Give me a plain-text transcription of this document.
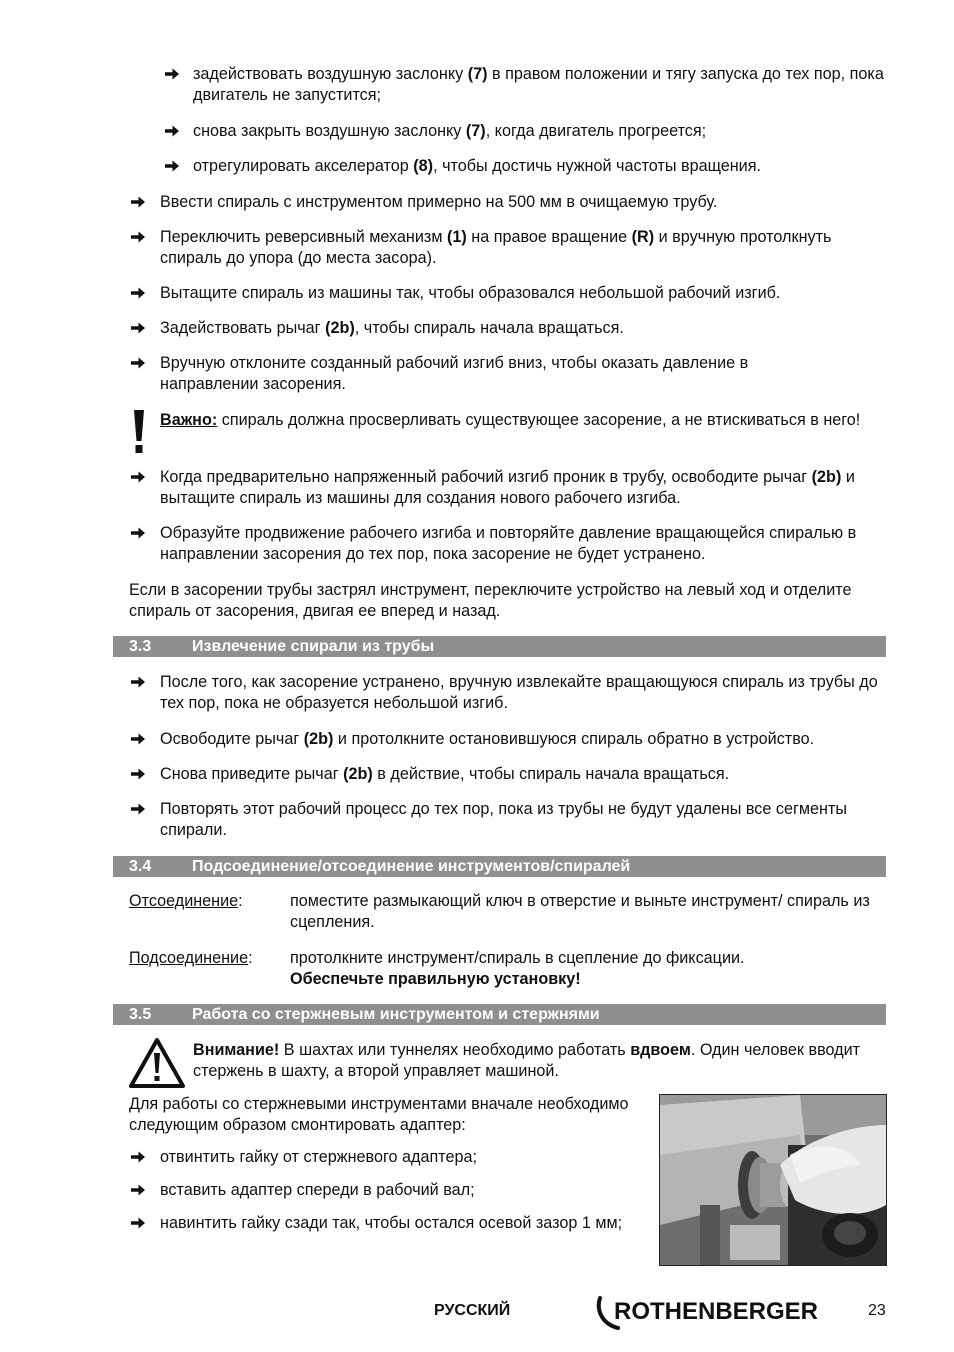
задействовать воздушную заслонку (7) в правом положении и тягу запуска до тех пор, пока двигатель не запустится;
снова закрыть воздушную заслонку (7), когда двигатель прогреется;
отрегулировать акселератор (8), чтобы достичь нужной частоты вращения.
Ввести спираль с инструментом примерно на 500 мм в очищаемую трубу.
Переключить реверсивный механизм (1) на правое вращение (R) и вручную протолкнуть спираль до упора (до места засора).
Вытащите спираль из машины так, чтобы образовался небольшой рабочий изгиб.
Задействовать рычаг (2b), чтобы спираль начала вращаться.
Вручную отклоните созданный рабочий изгиб вниз, чтобы оказать давление в направлении засорения.
Важно: спираль должна просверливать существующее засорение, а не втискиваться в него!
Когда предварительно напряженный рабочий изгиб проник в трубу, освободите рычаг (2b) и вытащите спираль из машины для создания нового рабочего изгиба.
Образуйте продвижение рабочего изгиба и повторяйте давление вращающейся спиралью в направлении засорения до тех пор, пока засорение не будет устранено.
Если в засорении трубы застрял инструмент, переключите устройство на левый ход и отделите спираль от засорения, двигая ее вперед и назад.
3.3	Извлечение спирали из трубы
После того, как засорение устранено, вручную извлекайте вращающуюся спираль из трубы до тех пор, пока не образуется небольшой изгиб.
Освободите рычаг (2b) и протолкните остановившуюся спираль обратно в устройство.
Снова приведите рычаг (2b) в действие, чтобы спираль начала вращаться.
Повторять этот рабочий процесс до тех пор, пока из трубы не будут удалены все сегменты спирали.
3.4	Подсоединение/отсоединение инструментов/спиралей
Отсоединение:	поместите размыкающий ключ в отверстие и выньте инструмент/ спираль из сцепления.
Подсоединение: протолкните инструмент/спираль в сцепление до фиксации.
Обеспечьте правильную установку!
3.5	Работа со стержневым инструментом и стержнями
Внимание! В шахтах или туннелях необходимо работать вдвоем. Один человек вводит стержень в шахту, а второй управляет машиной.
Для работы со стержневыми инструментами вначале необходимо следующим образом смонтировать адаптер:
отвинтить гайку от стержневого адаптера;
вставить адаптер спереди в рабочий вал;
навинтить гайку сзади так, чтобы остался осевой зазор 1 мм;
РУССКИЙ	ROTHENBERGER	23
